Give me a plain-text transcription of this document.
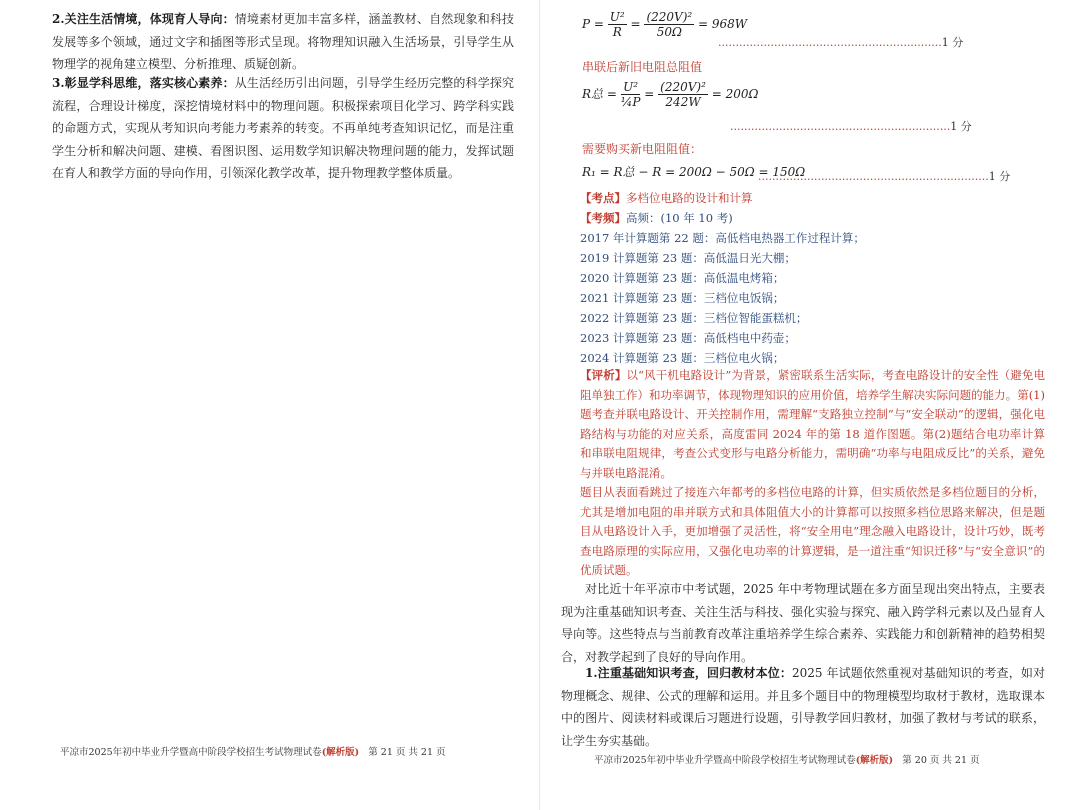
2.关注生活情境，体现育人导向：情境素材更加丰富多样，涵盖教材、自然现象和科技发展等多个领域，通过文字和插图等形式呈现。将物理知识融入生活场景，引导学生从物理学的视角建立模型、分析推理、质疑创新。

3.彰显学科思维，落实核心素养：从生活经历引出问题，引导学生经历完整的科学探究流程，合理设计梯度，深挖情境材料中的物理问题。积极探索项目化学习、跨学科实践的命题方式，实现从考知识向考能力考素养的转变。不再单纯考查知识记忆，而是注重学生分析和解决问题、建模、看图识图、运用数学知识解决物理问题的能力，发挥试题在育人和教学方面的导向作用，引领深化教学改革，提升物理教学整体质量。

平凉市2025年初中毕业升学暨高中阶段学校招生考试物理试卷(解析版) 第 21 页 共 21 页
$P = \frac{\text{U²}}{R} = \frac{\text{(220V)²}}{50\Omega} = 968W$
................................................................1 分
串联后新旧电阻总阻值
R总 = $\frac{\text{U²}}{\text{¼P}} = \frac{\text{(220V)²}}{242W} = 200\Omega$
...............................................................1 分
需要购买新电阻阻值：
R₁ = R总 − R = 200Ω − 50Ω = 150Ω
..................................................................1 分
【考点】多档位电路的设计和计算
【考频】高频：(10 年 10 考)
2017 年计算题第 22 题：高低档电热器工作过程计算；
2019 计算题第 23 题：高低温日光大棚；
2020 计算题第 23 题：高低温电烤箱；
2021 计算题第 23 题：三档位电饭锅；
2022 计算题第 23 题：三档位智能蛋糕机；
2023 计算题第 23 题：高低档电中药壶；
2024 计算题第 23 题：三档位电火锅；
【评析】以“风干机电路设计”为背景，紧密联系生活实际，考查电路设计的安全性（避免电阻单独工作）和功率调节，体现物理知识的应用价值，培养学生解决实际问题的能力。第(1)题考查并联电路设计、开关控制作用，需理解“支路独立控制”与“安全联动”的逻辑，强化电路结构与功能的对应关系，高度雷同 2024 年的第 18 道作图题。第(2)题结合电功率计算和串联电阻规律，考查公式变形与电路分析能力，需明确“功率与电阻成反比”的关系，避免与并联电路混淆。

题目从表面看跳过了接连六年都考的多档位电路的计算，但实质依然是多档位题目的分析，尤其是增加电阻的串并联方式和具体阻值大小的计算都可以按照多档位思路来解决，但是题目从电路设计入手，更加增强了灵活性，将“安全用电”理念融入电路设计，设计巧妙，既考查电路原理的实际应用，又强化电功率的计算逻辑，是一道注重“知识迁移”与“安全意识”的优质试题。

对比近十年平凉市中考试题，2025 年中考物理试题在多方面呈现出突出特点，主要表现为注重基础知识考查、关注生活与科技、强化实验与探究、融入跨学科元素以及凸显育人导向等。这些特点与当前教育改革注重培养学生综合素养、实践能力和创新精神的趋势相契合，对教学起到了良好的导向作用。

1.注重基础知识考查，回归教材本位：2025 年试题依然重视对基础知识的考查，如对物理概念、规律、公式的理解和运用。并且多个题目中的物理模型均取材于教材，选取课本中的图片、阅读材料或课后习题进行设题，引导教学回归教材，加强了教材与考试的联系，让学生夯实基础。

平凉市2025年初中毕业升学暨高中阶段学校招生考试物理试卷(解析版) 第 20 页 共 21 页
